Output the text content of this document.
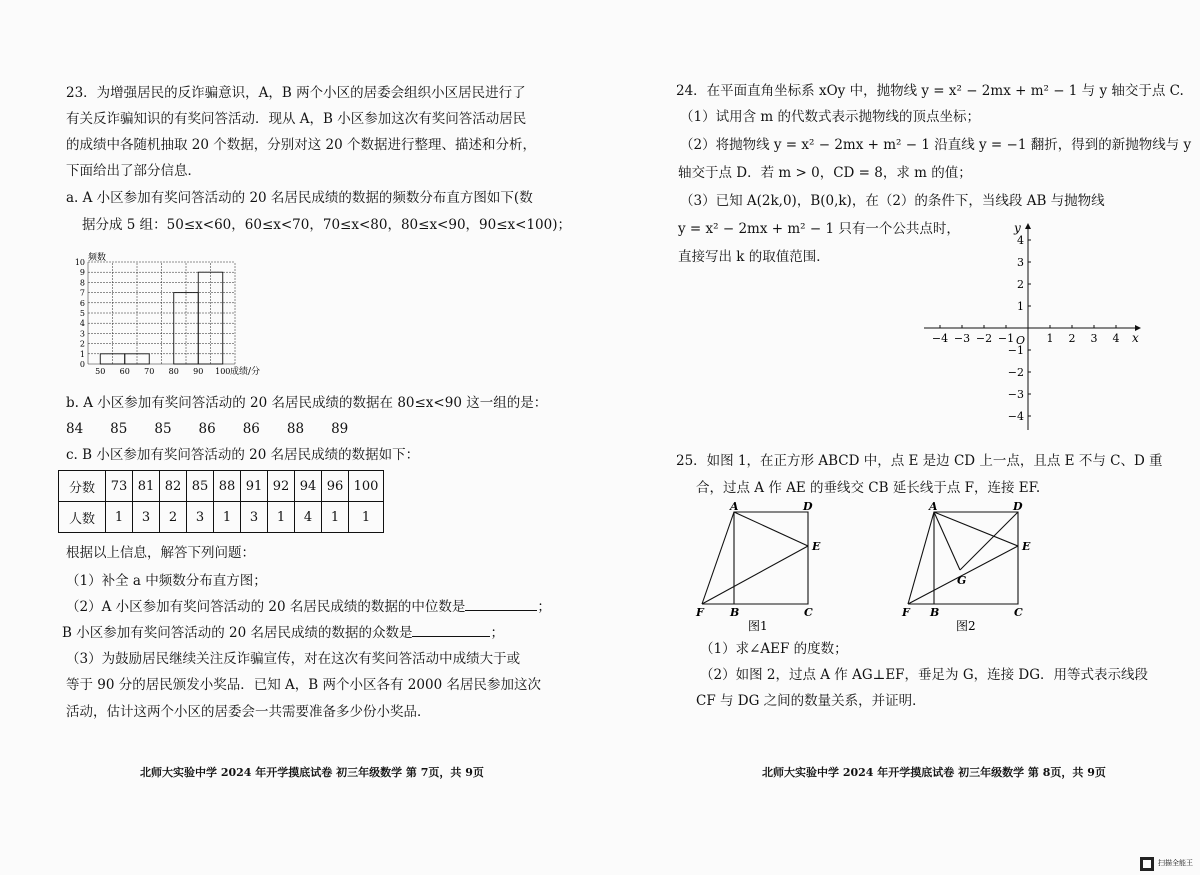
23．为增强居民的反诈骗意识，A，B 两个小区的居委会组织小区居民进行了
有关反诈骗知识的有奖问答活动．现从 A，B 小区参加这次有奖问答活动居民
的成绩中各随机抽取 20 个数据，分别对这 20 个数据进行整理、描述和分析，
下面给出了部分信息．
a. A 小区参加有奖问答活动的 20 名居民成绩的数据的频数分布直方图如下(数
据分成 5 组：50≤x<60，60≤x<70，70≤x<80，80≤x<90，90≤x<100)；
0
1
2
3
4
5
6
7
8
9
10
50 60 70 80 90 100
频数
成绩/分
b. A 小区参加有奖问答活动的 20 名居民成绩的数据在 80≤x<90 这一组的是：
84　　85　　85　　86　　86　　88　　89
c. B 小区参加有奖问答活动的 20 名居民成绩的数据如下：
分数	73	81	82	85	88	91	92	94	96	100
人数	1	3	2	3	1	3	1	4	1	1
根据以上信息，解答下列问题：
（1）补全 a 中频数分布直方图；
（2）A 小区参加有奖问答活动的 20 名居民成绩的数据的中位数是	；
B 小区参加有奖问答活动的 20 名居民成绩的数据的众数是	；
（3）为鼓励居民继续关注反诈骗宣传，对在这次有奖问答活动中成绩大于或
等于 90 分的居民颁发小奖品．已知 A，B 两个小区各有 2000 名居民参加这次
活动，估计这两个小区的居委会一共需要准备多少份小奖品．
北师大实验中学 2024 年开学摸底试卷 初三年级数学 第 7页，共 9页
24．在平面直角坐标系 xOy 中，抛物线 y = x² − 2mx + m² − 1 与 y 轴交于点 C.
（1）试用含 m 的代数式表示抛物线的顶点坐标；
（2）将抛物线 y = x² − 2mx + m² − 1 沿直线 y = −1 翻折，得到的新抛物线与 y
轴交于点 D．若 m > 0，CD = 8，求 m 的值；
（3）已知 A(2k,0)，B(0,k)，在（2）的条件下，当线段 AB 与抛物线
y = x² − 2mx + m² − 1 只有一个公共点时，
直接写出 k 的取值范围．
−4 −3 −2 −1	1 2 3 4
4
3
2
1
−1
−2
−3
−4
x
y
O
25．如图 1，在正方形 ABCD 中，点 E 是边 CD 上一点，且点 E 不与 C、D 重
合，过点 A 作 AE 的垂线交 CB 延长线于点 F，连接 EF.
A	D
E
F B	C
图1
A	D
E
G
F B	C
图2
（1）求∠AEF 的度数；
（2）如图 2，过点 A 作 AG⊥EF，垂足为 G，连接 DG．用等式表示线段
CF 与 DG 之间的数量关系，并证明．
北师大实验中学 2024 年开学摸底试卷 初三年级数学 第 8页，共 9页
扫描全能王
